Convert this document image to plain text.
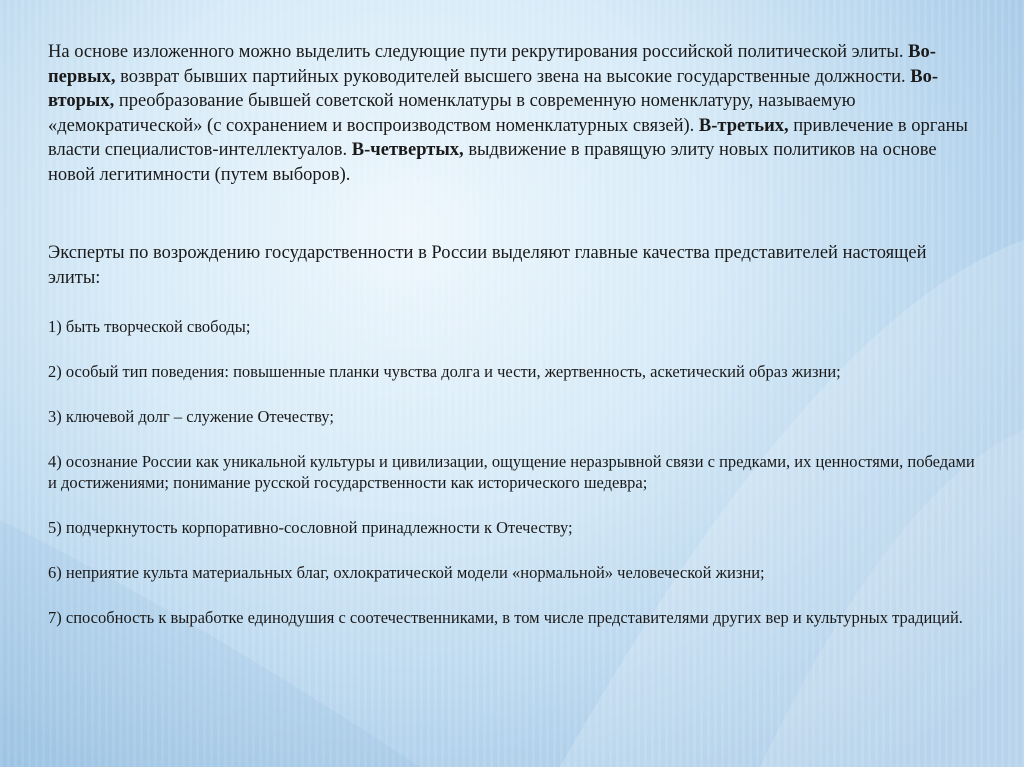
На основе изложенного можно выделить следующие пути рекрутирования российской политической элиты. Во-первых, возврат бывших партийных руководителей высшего звена на высокие государственные должности. Во-вторых, преобразование бывшей советской номенклатуры в современную номенклатуру, называемую «демократической» (с сохранением и воспроизводством номенклатурных связей). В-третьих, привлечение в органы власти специалистов-интеллектуалов. В-четвертых, выдвижение в правящую элиту новых политиков на основе новой легитимности (путем выборов).

Эксперты по возрождению государственности в России выделяют главные качества представителей настоящей элиты:

1) быть творческой свободы;

2) особый тип поведения: повышенные планки чувства долга и чести, жертвенность, аскетический образ жизни;

3) ключевой долг – служение Отечеству;

4) осознание России как уникальной культуры и цивилизации, ощущение неразрывной связи с предками, их ценностями, победами и достижениями; понимание русской государственности как исторического шедевра;

5) подчеркнутость корпоративно-сословной принадлежности к Отечеству;

6) неприятие культа материальных благ, охлократической модели «нормальной» человеческой жизни;

7) способность к выработке единодушия с соотечественниками, в том числе представителями других вер и культурных традиций.
